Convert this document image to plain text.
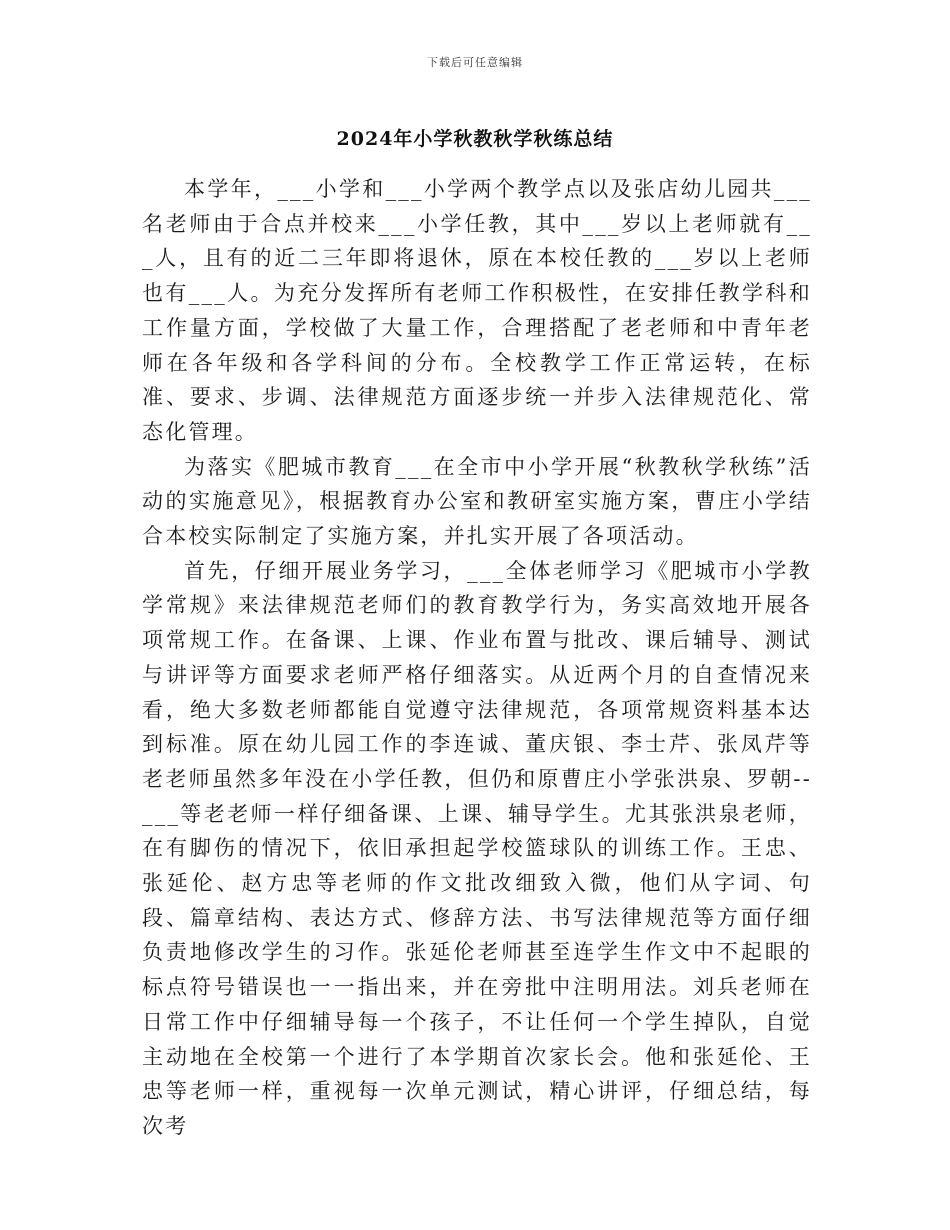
下载后可任意编辑
2024年小学秋教秋学秋练总结

本学年，___小学和___小学两个教学点以及张店幼儿园共___名老师由于合点并校来___小学任教，其中___岁以上老师就有___人，且有的近二三年即将退休，原在本校任教的___岁以上老师也有___人。为充分发挥所有老师工作积极性，在安排任教学科和工作量方面，学校做了大量工作，合理搭配了老老师和中青年老师在各年级和各学科间的分布。全校教学工作正常运转，在标准、要求、步调、法律规范方面逐步统一并步入法律规范化、常态化管理。

为落实《肥城市教育___在全市中小学开展“秋教秋学秋练”活动的实施意见》，根据教育办公室和教研室实施方案，曹庄小学结合本校实际制定了实施方案，并扎实开展了各项活动。

首先，仔细开展业务学习，___全体老师学习《肥城市小学教学常规》来法律规范老师们的教育教学行为，务实高效地开展各项常规工作。在备课、上课、作业布置与批改、课后辅导、测试与讲评等方面要求老师严格仔细落实。从近两个月的自查情况来看，绝大多数老师都能自觉遵守法律规范，各项常规资料基本达到标准。原在幼儿园工作的李连诚、董庆银、李士芹、张凤芹等老老师虽然多年没在小学任教，但仍和原曹庄小学张洪泉、罗朝--___等老老师一样仔细备课、上课、辅导学生。尤其张洪泉老师，在有脚伤的情况下，依旧承担起学校篮球队的训练工作。王忠、张延伦、赵方忠等老师的作文批改细致入微，他们从字词、句段、篇章结构、表达方式、修辞方法、书写法律规范等方面仔细负责地修改学生的习作。张延伦老师甚至连学生作文中不起眼的标点符号错误也一一指出来，并在旁批中注明用法。刘兵老师在日常工作中仔细辅导每一个孩子，不让任何一个学生掉队，自觉主动地在全校第一个进行了本学期首次家长会。他和张延伦、王忠等老师一样，重视每一次单元测试，精心讲评，仔细总结，每次考
